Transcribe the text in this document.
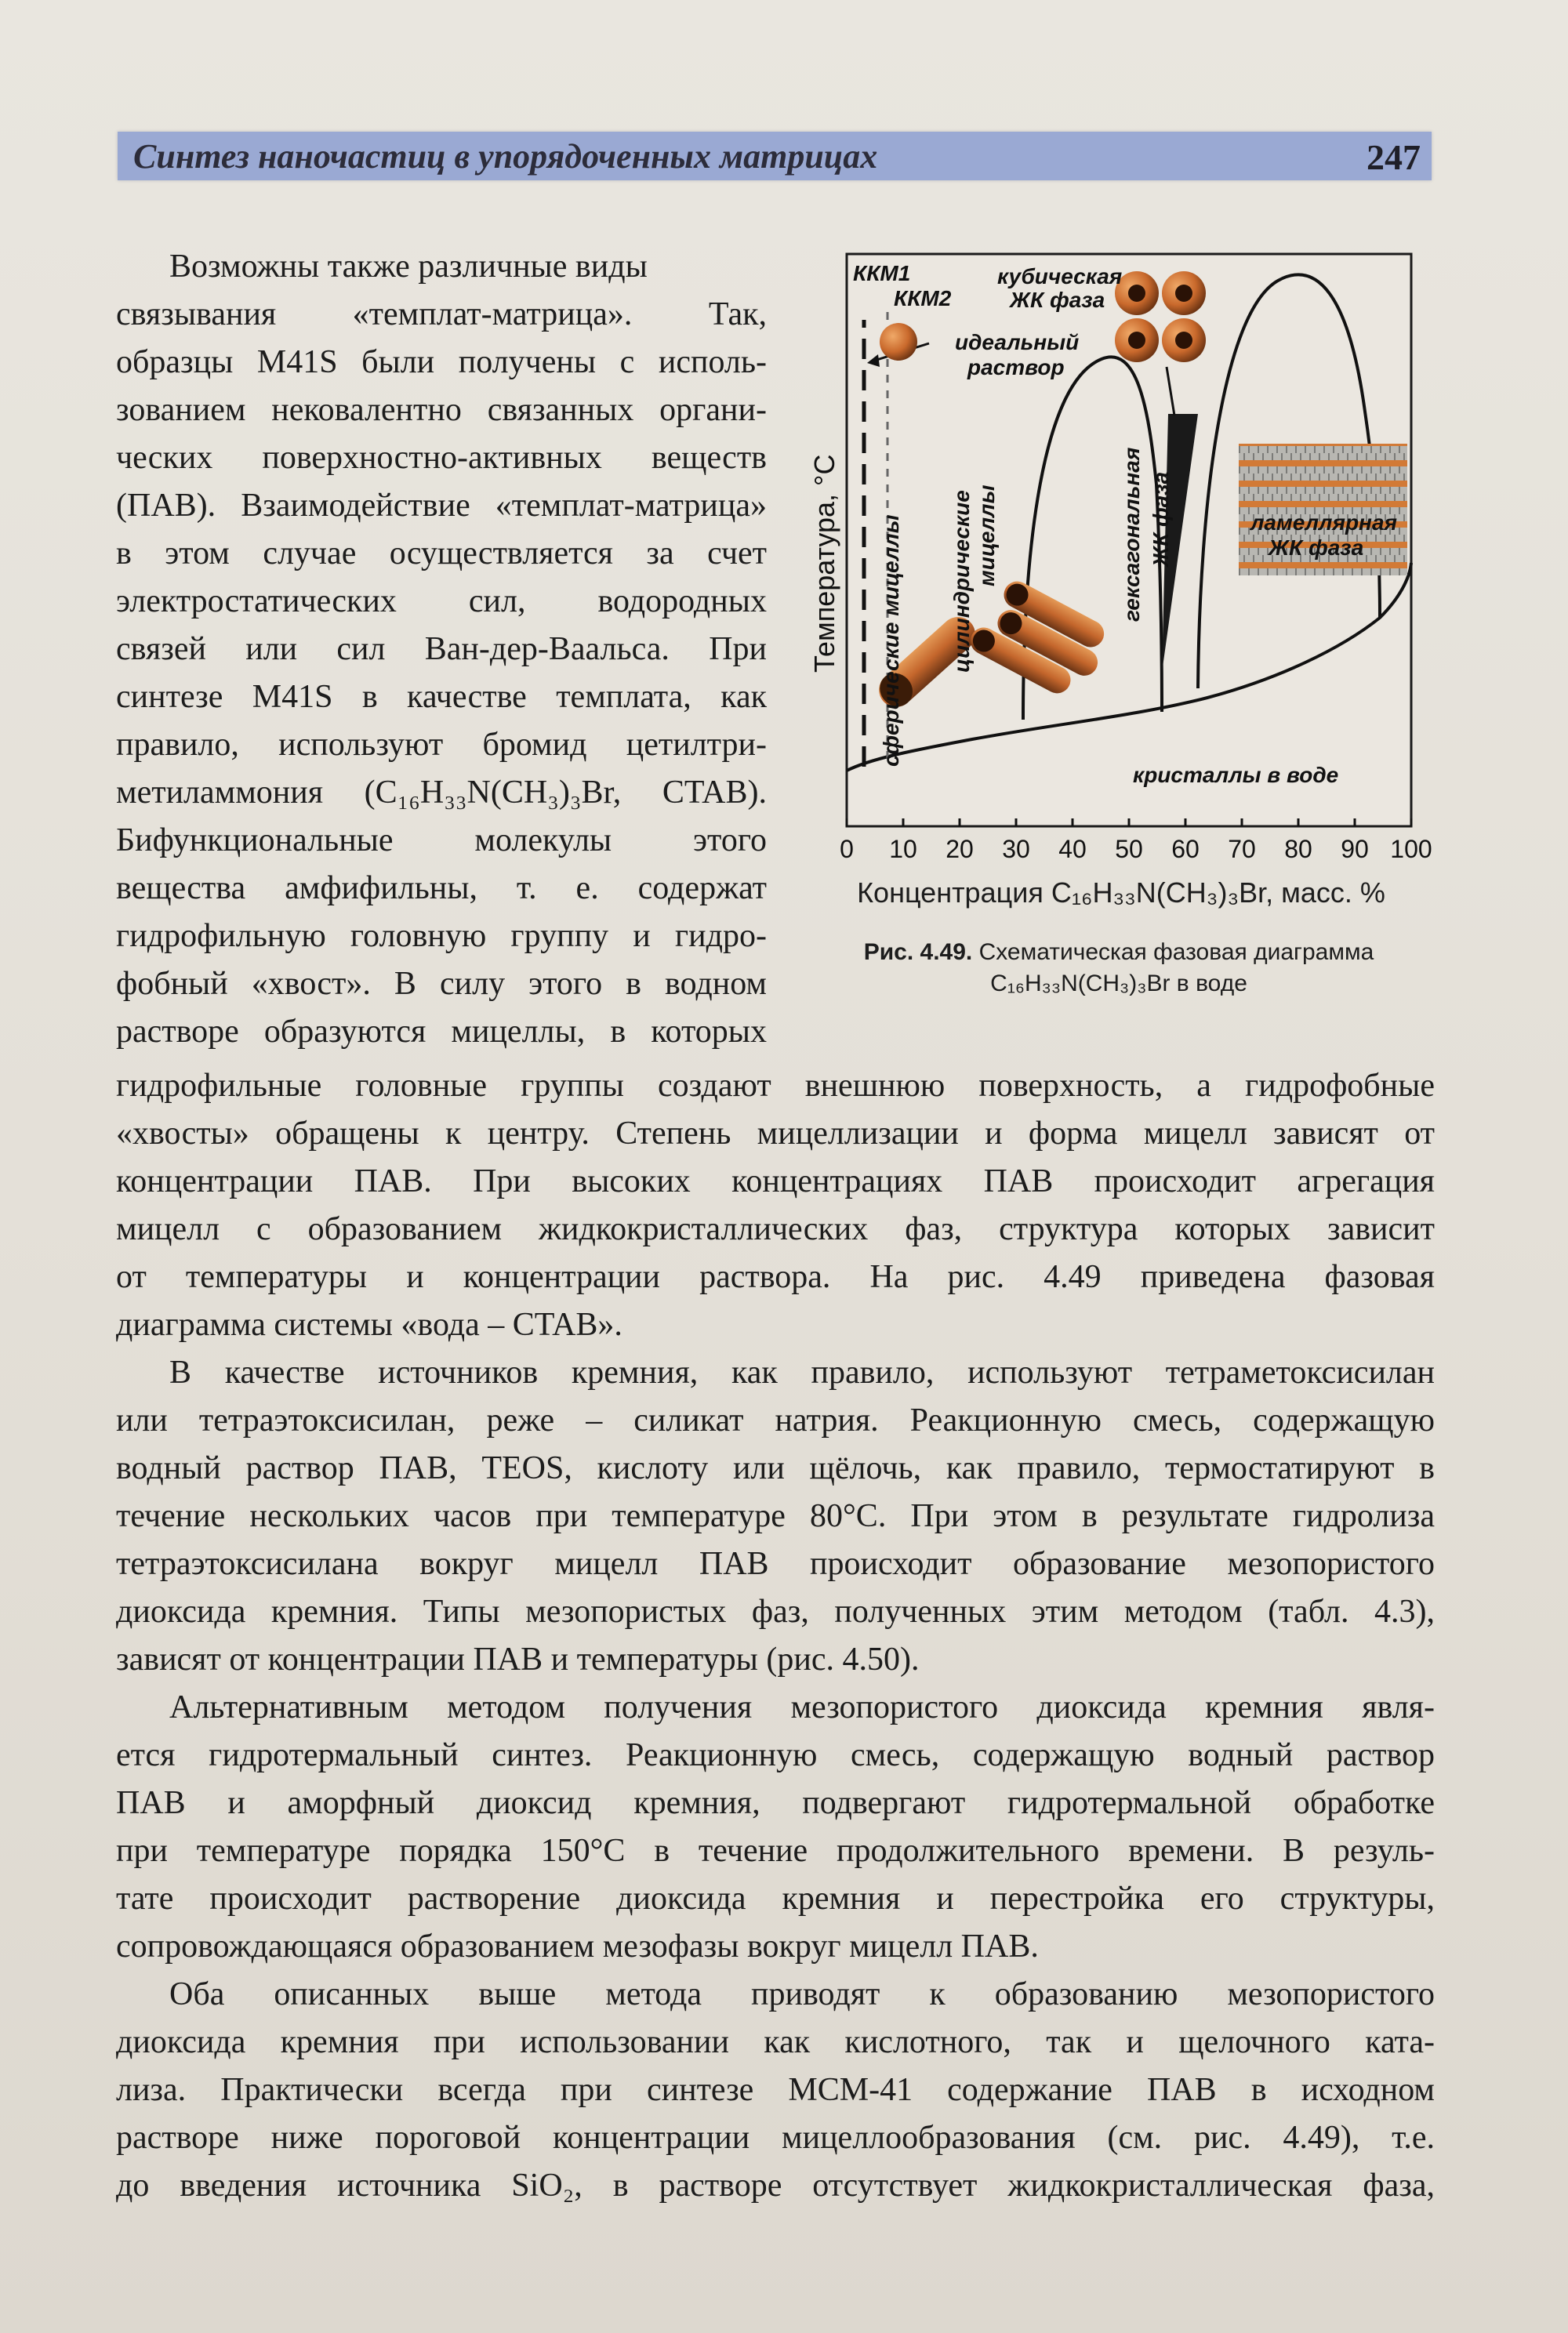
Синтез наночастиц в упорядоченных матрицах	247
Возможны также различные виды
связывания «темплат-матрица». Так,
образцы M41S были получены с исполь-
зованием нековалентно связанных органи-
ческих поверхностно-активных веществ
(ПАВ). Взаимодействие «темплат-матрица»
в этом случае осуществляется за счет
электростатических сил, водородных
связей или сил Ван-дер-Ваальса. При
синтезе M41S в качестве темплата, как
правило, используют бромид цетилтри-
метиламмония (C₁₆H₃₃N(CH₃)₃Br, CTAB).
Бифункциональные молекулы этого
вещества амфифильны, т. е. содержат
гидрофильную головную группу и гидро-
фобный «хвост». В силу этого в водном
растворе образуются мицеллы, в которых
гидрофильные головные группы создают внешнюю поверхность, а гидрофобные
«хвосты» обращены к центру. Степень мицеллизации и форма мицелл зависят от
концентрации ПАВ. При высоких концентрациях ПАВ происходит агрегация
мицелл с образованием жидкокристаллических фаз, структура которых зависит
от температуры и концентрации раствора. На рис. 4.49 приведена фазовая
диаграмма системы «вода – CTAB».
В качестве источников кремния, как правило, используют тетраметоксисилан
или тетраэтоксисилан, реже – силикат натрия. Реакционную смесь, содержащую
водный раствор ПАВ, TEOS, кислоту или щёлочь, как правило, термостатируют в
течение нескольких часов при температуре 80°C. При этом в результате гидролиза
тетраэтоксисилана вокруг мицелл ПАВ происходит образование мезопористого
диоксида кремния. Типы мезопористых фаз, полученных этим методом (табл. 4.3),
зависят от концентрации ПАВ и температуры (рис. 4.50).
Альтернативным методом получения мезопористого диоксида кремния явля-
ется гидротермальный синтез. Реакционную смесь, содержащую водный раствор
ПАВ и аморфный диоксид кремния, подвергают гидротермальной обработке
при температуре порядка 150°C в течение продолжительного времени. В резуль-
тате происходит растворение диоксида кремния и перестройка его структуры,
сопровождающаяся образованием мезофазы вокруг мицелл ПАВ.
Оба описанных выше метода приводят к образованию мезопористого
диоксида кремния при использовании как кислотного, так и щелочного ката-
лиза. Практически всегда при синтезе MCM-41 содержание ПАВ в исходном
растворе ниже пороговой концентрации мицеллообразования (см. рис. 4.49), т.е.
до введения источника SiO₂, в растворе отсутствует жидкокристаллическая фаза,
ККМ1
ККМ2
кубическая
ЖК фаза
идеальный
раствор
сферические мицеллы цилиндрические мицеллы	гексагональная ЖК фаза	ламеллярная
ЖК фаза
кристаллы в воде
Температура, °C
0 10 20 30 40 50 60 70 80 90 100
Концентрация C₁₆H₃₃N(CH₃)₃Br, масс. %
Рис. 4.49. Схематическая фазовая диаграмма
C₁₆H₃₃N(CH₃)₃Br в воде
